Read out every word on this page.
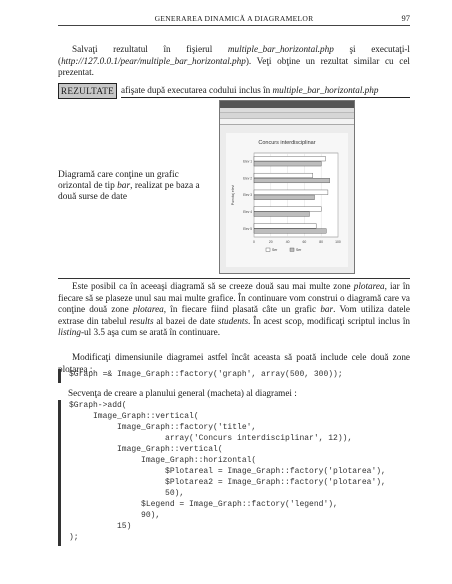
GENERAREA DINAMICĂ A DIAGRAMELOR	97
Salvaţi rezultatul în fişierul multiple_bar_horizontal.php şi executaţi-l (http://127.0.0.1/pear/multiple_bar_horizontal.php). Veţi obţine un rezultat similar cu cel prezentat.
REZULTATE afişate după executarea codului inclus în multiple_bar_horizontal.php
Concurs interdisciplinar
Punctaj elevi
0	20	40	60	80	100
Elev 1
Elev 2
Elev 3
Elev 4
Elev 5
Ser	Ser
Diagramă care conţine un grafic orizontal de tip bar, realizat pe baza a două surse de date
Este posibil ca în aceeaşi diagramă să se creeze două sau mai multe zone plotarea, iar în fiecare să se plaseze unul sau mai multe grafice. În continuare vom construi o diagramă care va conţine două zone plotarea, în fiecare fiind plasată câte un grafic bar. Vom utiliza datele extrase din tabelul results al bazei de date students. În acest scop, modificaţi scriptul inclus în listing-ul 3.5 aşa cum se arată în continuare.
Modificaţi dimensiunile diagramei astfel încât aceasta să poată include cele două zone plotarea :
$Graph =& Image_Graph::factory('graph', array(500, 300));
Secvenţa de creare a planului general (macheta) al diagramei :
$Graph->add(
Image_Graph::vertical(
Image_Graph::factory('title',
array('Concurs interdisciplinar', 12)),
Image_Graph::vertical(
Image_Graph::horizontal(
$Plotareal = Image_Graph::factory('plotarea'),
$Plotarea2 = Image_Graph::factory('plotarea'),
50),
$Legend = Image_Graph::factory('legend'),
90),
15)
);
